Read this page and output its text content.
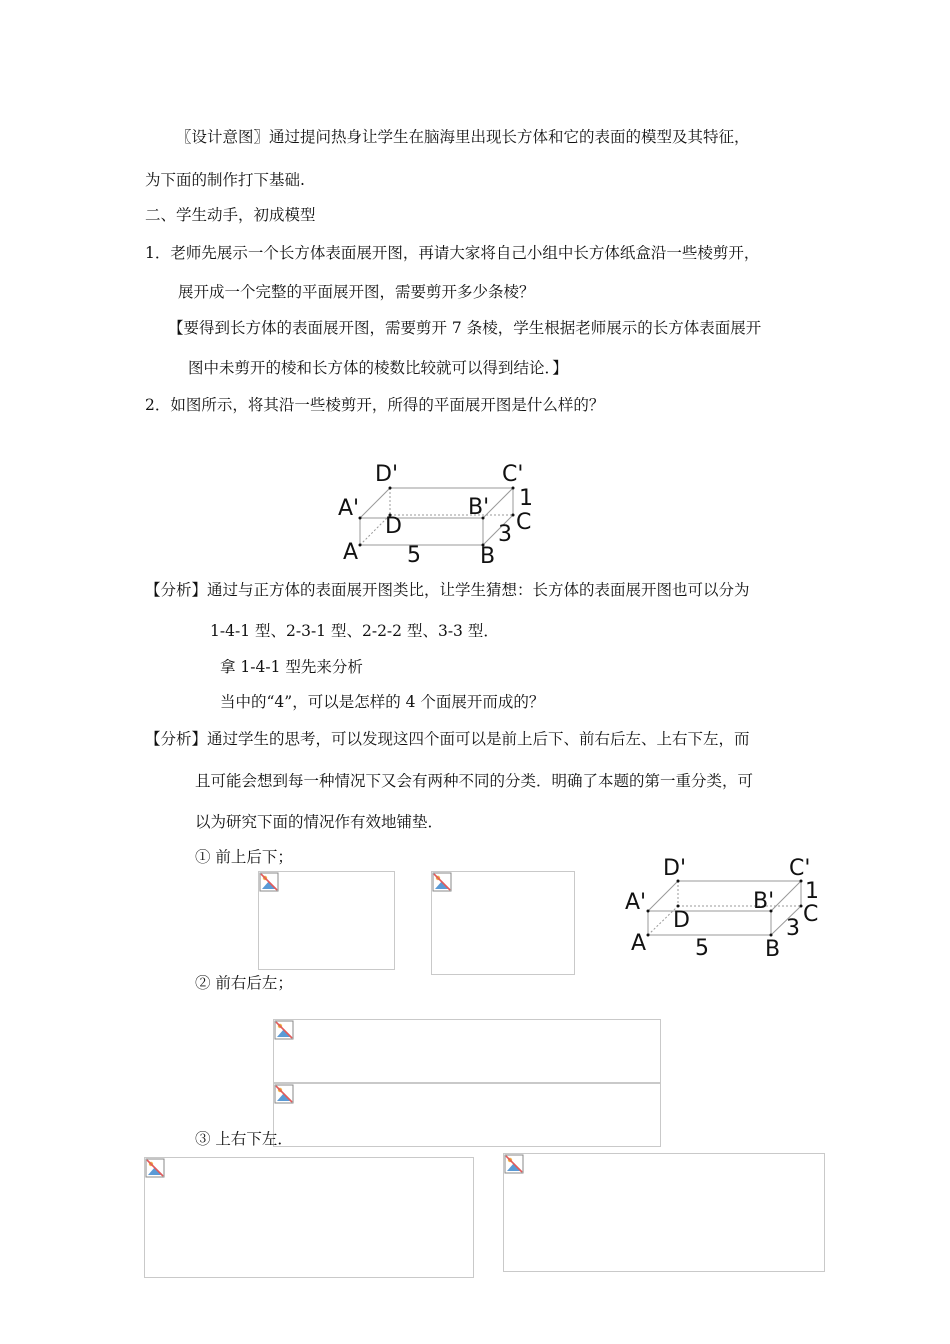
〖设计意图〗通过提问热身让学生在脑海里出现长方体和它的表面的模型及其特征，
为下面的制作打下基础.
二、学生动手，初成模型
1．老师先展示一个长方体表面展开图，再请大家将自己小组中长方体纸盒沿一些棱剪开，
展开成一个完整的平面展开图，需要剪开多少条棱？
【要得到长方体的表面展开图，需要剪开 7 条棱，学生根据老师展示的长方体表面展开
图中未剪开的棱和长方体的棱数比较就可以得到结论．】
2．如图所示，将其沿一些棱剪开，所得的平面展开图是什么样的？
D'	C'
A'	B'
D
1
C
3
A 5	B
【分析】通过与正方体的表面展开图类比，让学生猜想：长方体的表面展开图也可以分为
1-4-1 型、2-3-1 型、2-2-2 型、3-3 型．
拿 1-4-1 型先来分析
当中的“4”，可以是怎样的 4 个面展开而成的？
【分析】通过学生的思考，可以发现这四个面可以是前上后下、前右后左、上右下左，而
且可能会想到每一种情况下又会有两种不同的分类．明确了本题的第一重分类，可
以为研究下面的情况作有效地铺垫．
① 前上后下；	D'	C'
A'	B'
D
1
C
3
A 5	B
② 前右后左；
③ 上右下左．
